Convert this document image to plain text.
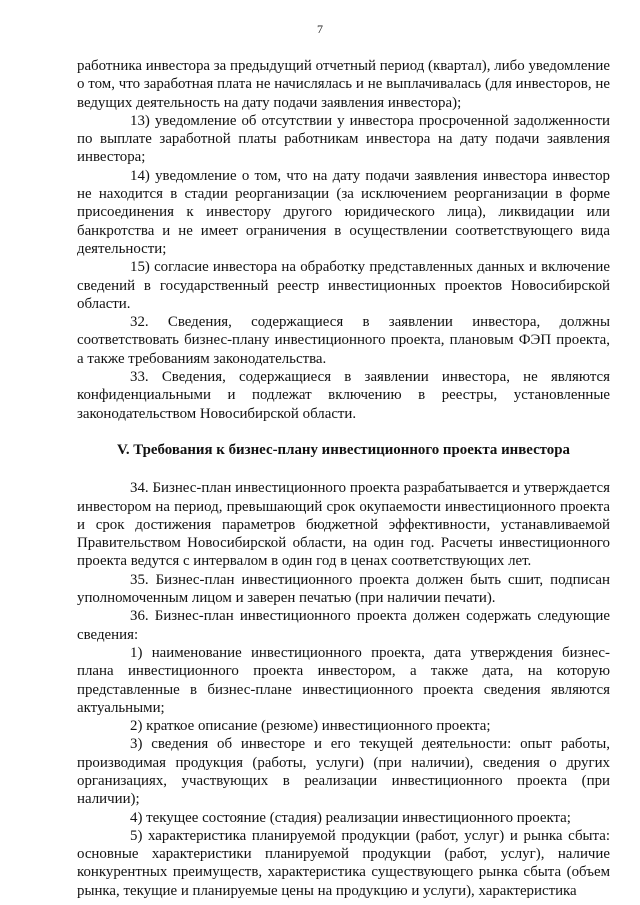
7

работника инвестора за предыдущий отчетный период (квартал), либо уведомление о том, что заработная плата не начислялась и не выплачивалась (для инвесторов, не ведущих деятельность на дату подачи заявления инвестора);

13) уведомление об отсутствии у инвестора просроченной задолженности по выплате заработной платы работникам инвестора на дату подачи заявления инвестора;

14) уведомление о том, что на дату подачи заявления инвестора инвестор не находится в стадии реорганизации (за исключением реорганизации в форме присоединения к инвестору другого юридического лица), ликвидации или банкротства и не имеет ограничения в осуществлении соответствующего вида деятельности;

15) согласие инвестора на обработку представленных данных и включение сведений в государственный реестр инвестиционных проектов Новосибирской области.

32. Сведения, содержащиеся в заявлении инвестора, должны соответствовать бизнес-плану инвестиционного проекта, плановым ФЭП проекта, а также требованиям законодательства.

33. Сведения, содержащиеся в заявлении инвестора, не являются конфиденциальными и подлежат включению в реестры, установленные законодательством Новосибирской области.

V. Требования к бизнес-плану инвестиционного проекта инвестора

34. Бизнес-план инвестиционного проекта разрабатывается и утверждается инвестором на период, превышающий срок окупаемости инвестиционного проекта и срок достижения параметров бюджетной эффективности, устанавливаемой Правительством Новосибирской области, на один год. Расчеты инвестиционного проекта ведутся с интервалом в один год в ценах соответствующих лет.

35. Бизнес-план инвестиционного проекта должен быть сшит, подписан уполномоченным лицом и заверен печатью (при наличии печати).

36. Бизнес-план инвестиционного проекта должен содержать следующие сведения:

1) наименование инвестиционного проекта, дата утверждения бизнес-плана инвестиционного проекта инвестором, а также дата, на которую представленные в бизнес-плане инвестиционного проекта сведения являются актуальными;

2) краткое описание (резюме) инвестиционного проекта;

3) сведения об инвесторе и его текущей деятельности: опыт работы, производимая продукция (работы, услуги) (при наличии), сведения о других организациях, участвующих в реализации инвестиционного проекта (при наличии);

4) текущее состояние (стадия) реализации инвестиционного проекта;

5) характеристика планируемой продукции (работ, услуг) и рынка сбыта: основные характеристики планируемой продукции (работ, услуг), наличие конкурентных преимуществ, характеристика существующего рынка сбыта (объем рынка, текущие и планируемые цены на продукцию и услуги), характеристика
